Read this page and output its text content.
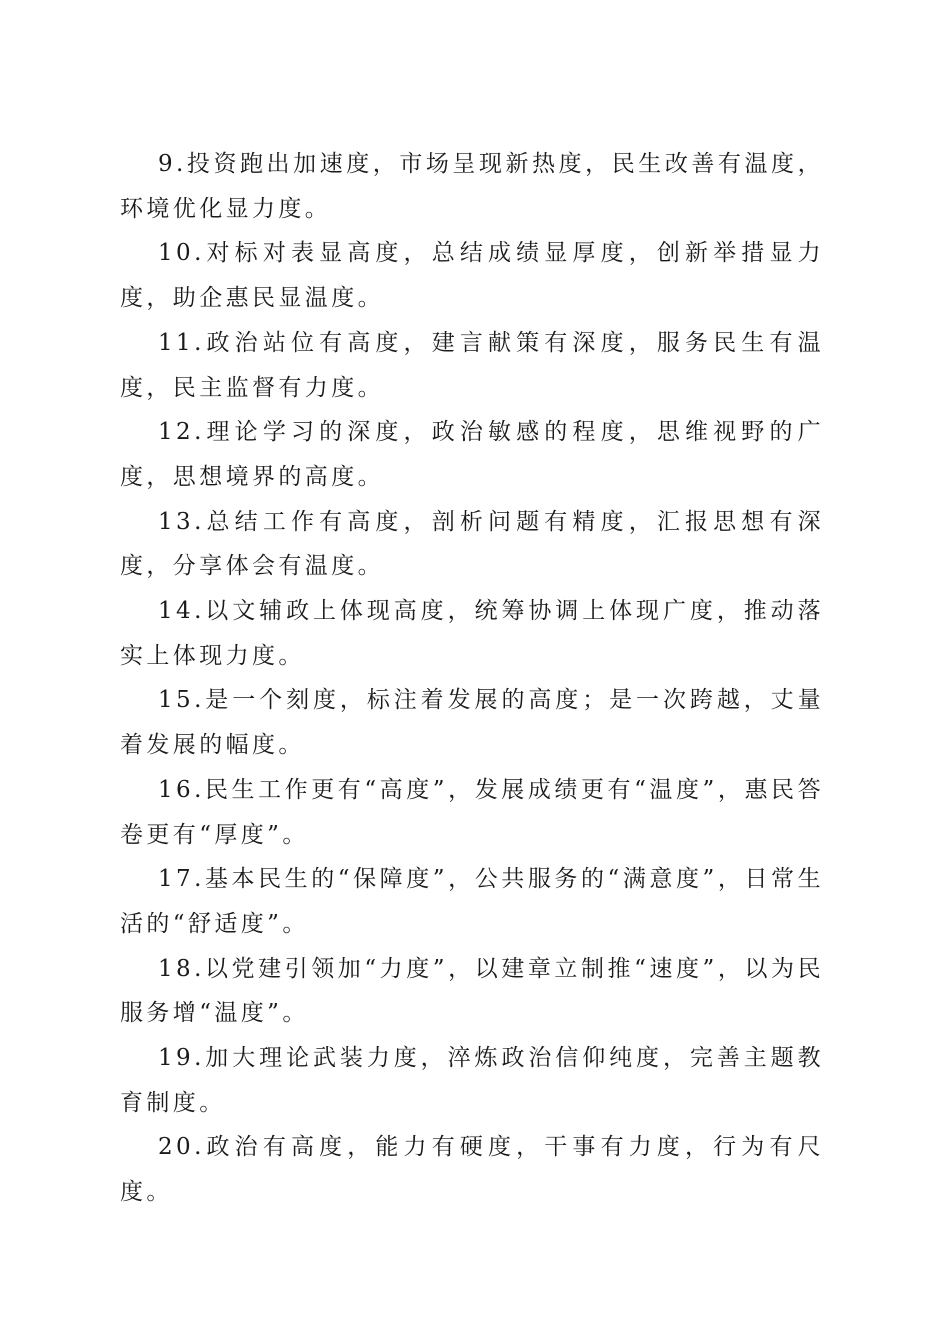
9.投资跑出加速度，市场呈现新热度，民生改善有温度，环境优化显力度。

10.对标对表显高度，总结成绩显厚度，创新举措显力度，助企惠民显温度。

11.政治站位有高度，建言献策有深度，服务民生有温度，民主监督有力度。

12.理论学习的深度，政治敏感的程度，思维视野的广度，思想境界的高度。

13.总结工作有高度，剖析问题有精度，汇报思想有深度，分享体会有温度。

14.以文辅政上体现高度，统筹协调上体现广度，推动落实上体现力度。

15.是一个刻度，标注着发展的高度；是一次跨越，丈量着发展的幅度。

16.民生工作更有“高度”，发展成绩更有“温度”，惠民答卷更有“厚度”。

17.基本民生的“保障度”，公共服务的“满意度”，日常生活的“舒适度”。

18.以党建引领加“力度”，以建章立制推“速度”，以为民服务增“温度”。

19.加大理论武装力度，淬炼政治信仰纯度，完善主题教育制度。

20.政治有高度，能力有硬度，干事有力度，行为有尺度。
